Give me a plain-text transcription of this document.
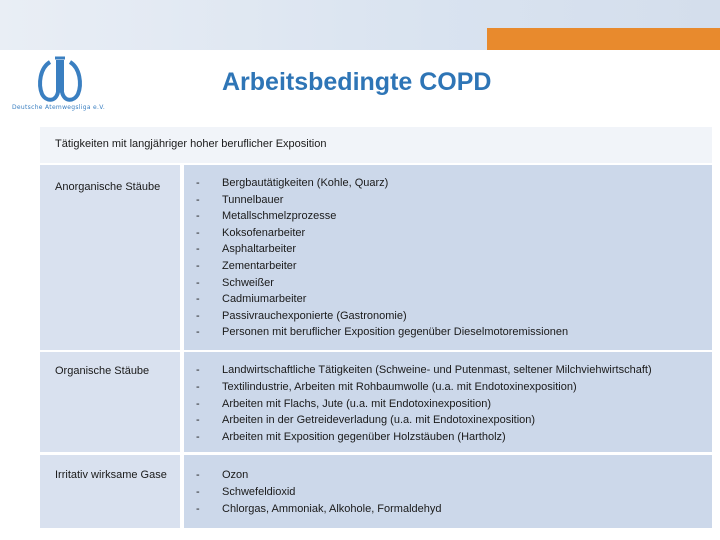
Deutsche Atemwegsliga e.V.
Arbeitsbedingte COPD
Tätigkeiten mit langjähriger hoher beruflicher Exposition
Anorganische Stäube	- Bergbautätigkeiten (Kohle, Quarz)
- Tunnelbauer
- Metallschmelzprozesse
- Koksofenarbeiter
- Asphaltarbeiter
- Zementarbeiter
- Schweißer
- Cadmiumarbeiter
- Passivrauchexponierte (Gastronomie)
- Personen mit beruflicher Exposition gegenüber Dieselmotoremissionen
Organische Stäube	- Landwirtschaftliche Tätigkeiten (Schweine- und Putenmast, seltener Milchviehwirtschaft)
- Textilindustrie, Arbeiten mit Rohbaumwolle (u.a. mit Endotoxinexposition)
- Arbeiten mit Flachs, Jute (u.a. mit Endotoxinexposition)
- Arbeiten in der Getreideverladung (u.a. mit Endotoxinexposition)
- Arbeiten mit Exposition gegenüber Holzstäuben (Hartholz)
Irritativ wirksame Gase	- Ozon
- Schwefeldioxid
- Chlorgas, Ammoniak, Alkohole, Formaldehyd
